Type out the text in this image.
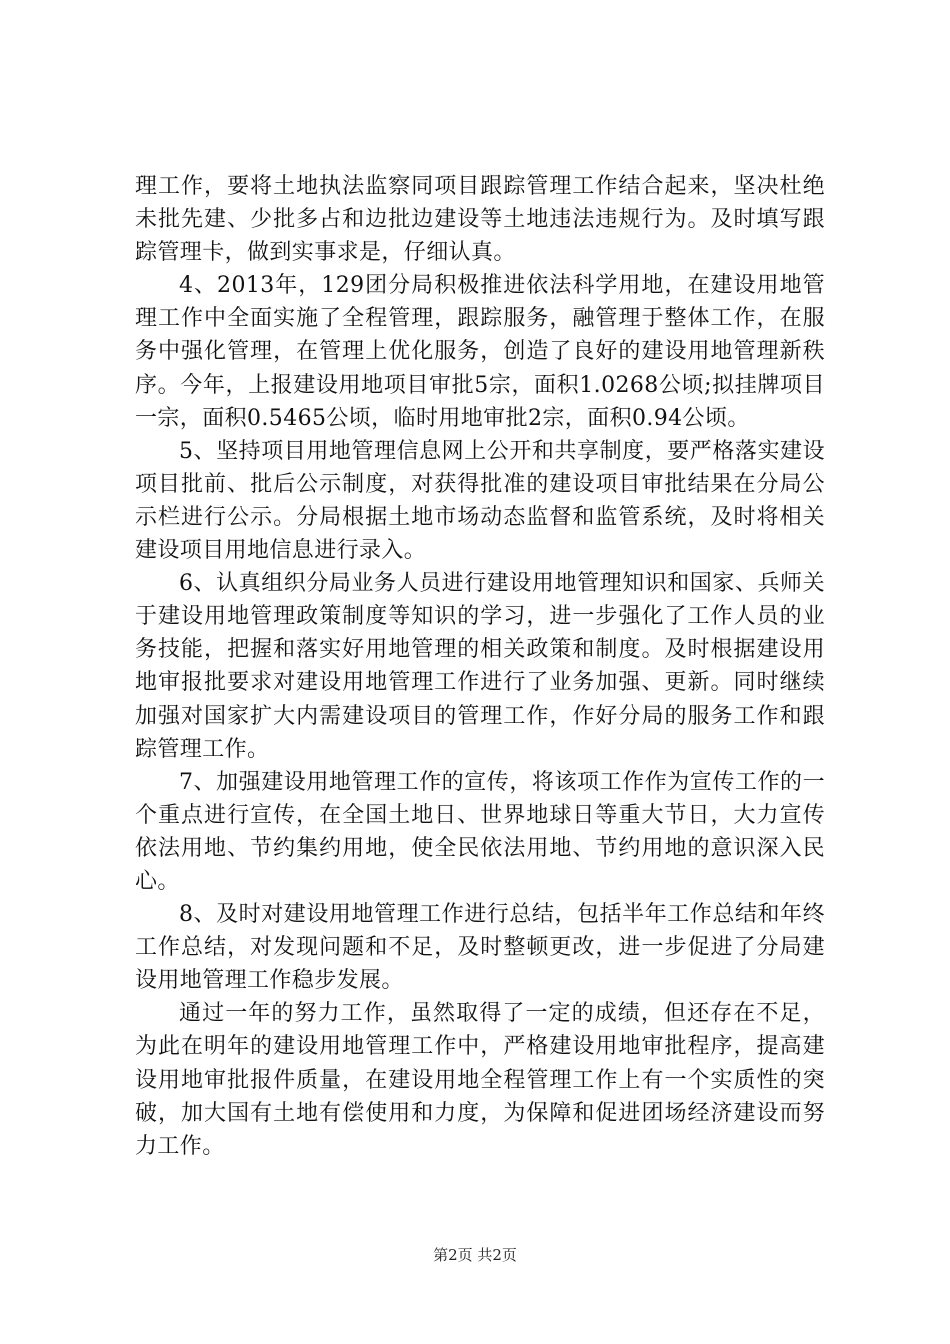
理工作，要将土地执法监察同项目跟踪管理工作结合起来，坚决杜绝未批先建、少批多占和边批边建设等土地违法违规行为。及时填写跟踪管理卡，做到实事求是，仔细认真。

4、2013年，129团分局积极推进依法科学用地，在建设用地管理工作中全面实施了全程管理，跟踪服务，融管理于整体工作，在服务中强化管理，在管理上优化服务，创造了良好的建设用地管理新秩序。今年，上报建设用地项目审批5宗，面积1.0268公顷;拟挂牌项目一宗，面积0.5465公顷，临时用地审批2宗，面积0.94公顷。

5、坚持项目用地管理信息网上公开和共享制度，要严格落实建设项目批前、批后公示制度，对获得批准的建设项目审批结果在分局公示栏进行公示。分局根据土地市场动态监督和监管系统，及时将相关建设项目用地信息进行录入。

6、认真组织分局业务人员进行建设用地管理知识和国家、兵师关于建设用地管理政策制度等知识的学习，进一步强化了工作人员的业务技能，把握和落实好用地管理的相关政策和制度。及时根据建设用地审报批要求对建设用地管理工作进行了业务加强、更新。同时继续加强对国家扩大内需建设项目的管理工作，作好分局的服务工作和跟踪管理工作。

7、加强建设用地管理工作的宣传，将该项工作作为宣传工作的一个重点进行宣传，在全国土地日、世界地球日等重大节日，大力宣传依法用地、节约集约用地，使全民依法用地、节约用地的意识深入民心。

8、及时对建设用地管理工作进行总结，包括半年工作总结和年终工作总结，对发现问题和不足，及时整顿更改，进一步促进了分局建设用地管理工作稳步发展。

通过一年的努力工作，虽然取得了一定的成绩，但还存在不足，为此在明年的建设用地管理工作中，严格建设用地审批程序，提高建设用地审批报件质量，在建设用地全程管理工作上有一个实质性的突破，加大国有土地有偿使用和力度，为保障和促进团场经济建设而努力工作。

第2页 共2页
